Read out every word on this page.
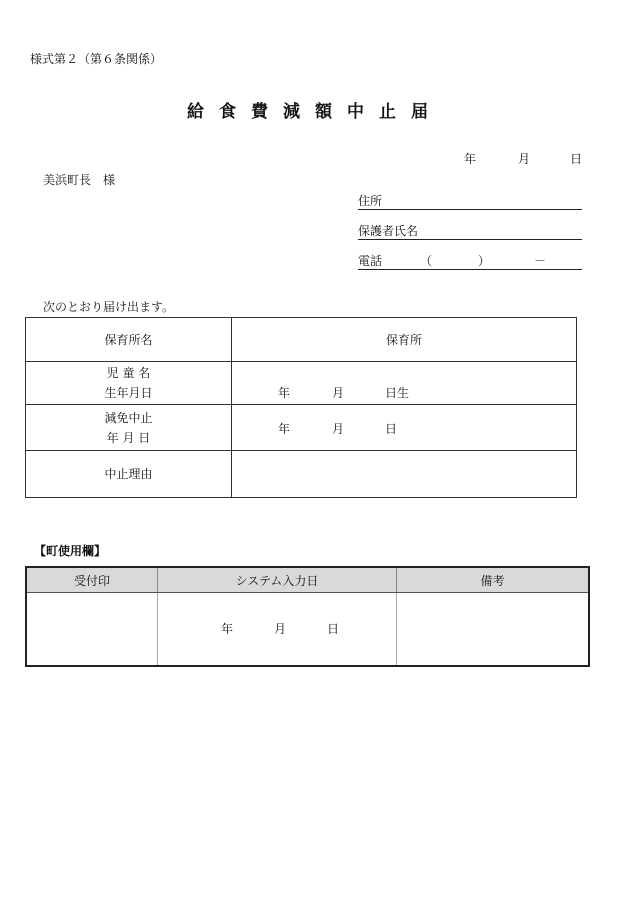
様式第２（第６条関係）
給食費減額中止届
年	月	日
美浜町長　様
住所
保護者氏名
電話	（	）	－
次のとおり届け出ます。
保育所名	保育所

児 童 名
生年月日	年 月 日生

減免中止
年 月 日	年 月 日

中止理由	
【町使用欄】
受付印	システム入力日	備考

	年 月 日	
